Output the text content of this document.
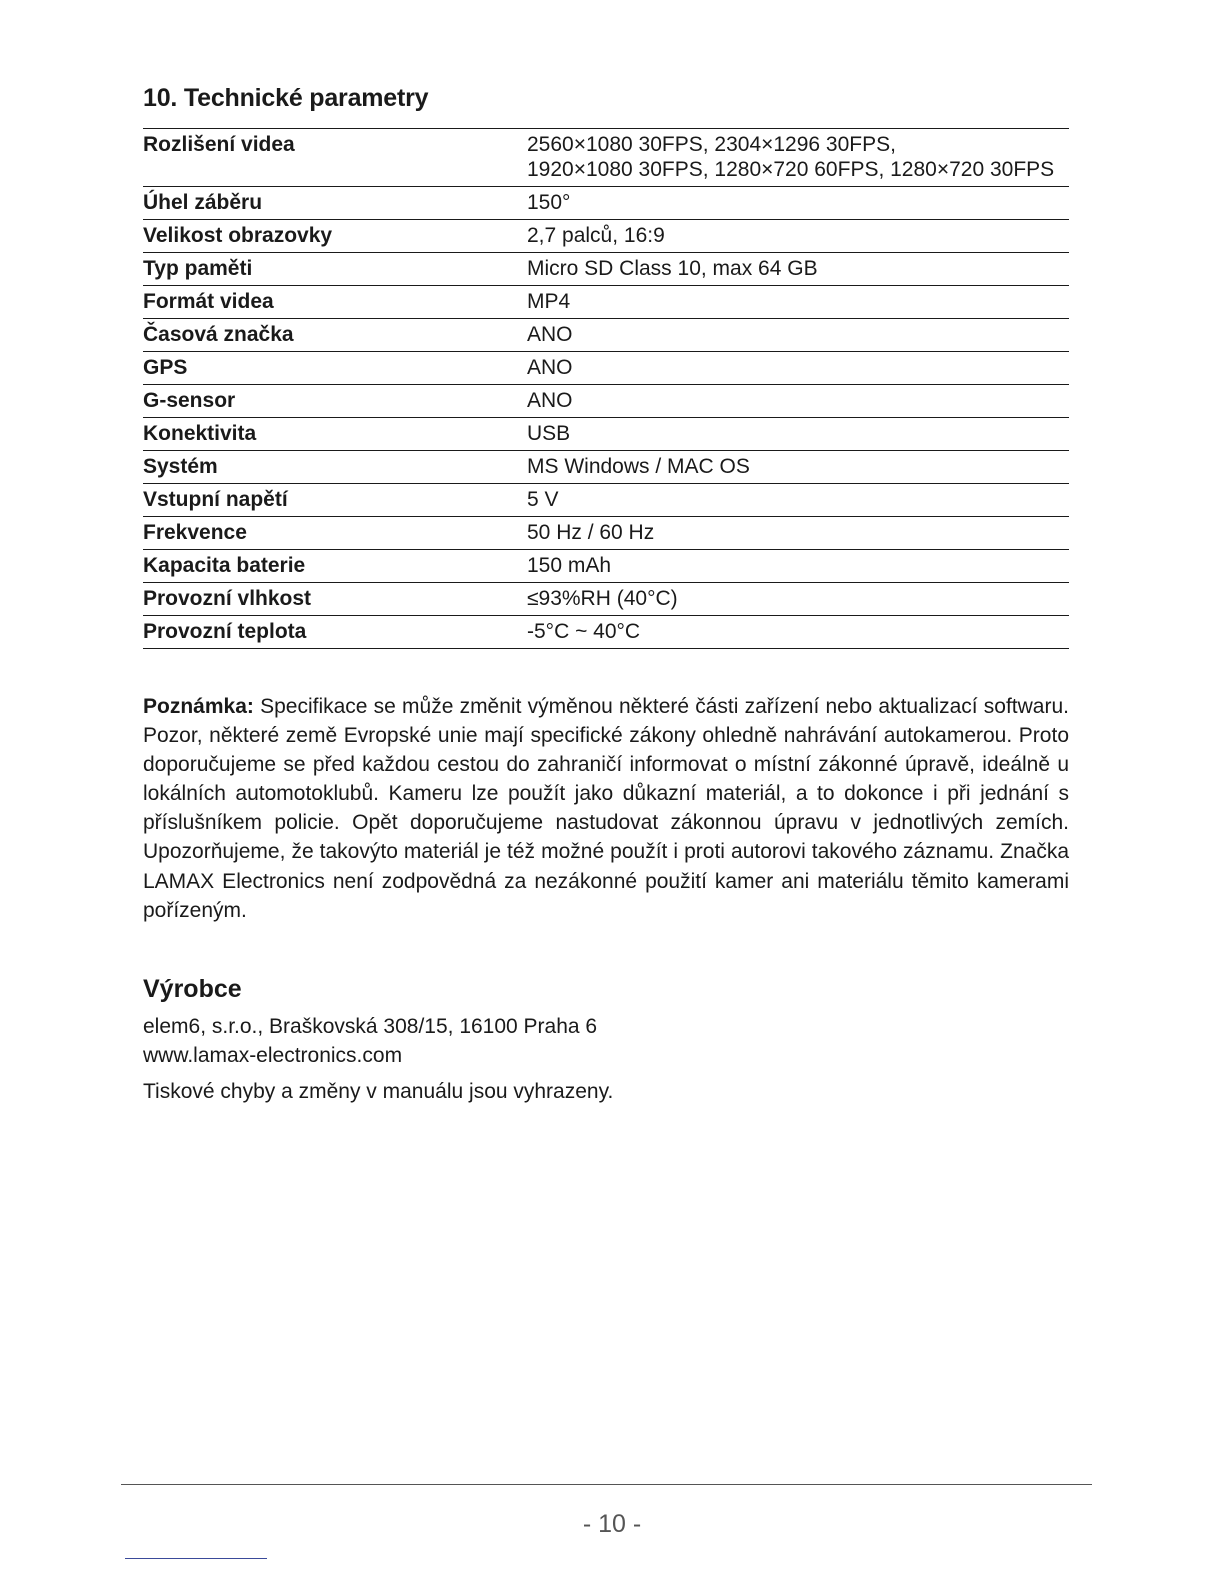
10. Technické parametry
Rozlišení videa	2560×1080 30FPS, 2304×1296 30FPS,
1920×1080 30FPS, 1280×720 60FPS, 1280×720 30FPS

Úhel záběru	150°

Velikost obrazovky	2,7 palců, 16:9

Typ paměti	Micro SD Class 10, max 64 GB

Formát videa	MP4

Časová značka	ANO

GPS	ANO

G-sensor	ANO

Konektivita	USB

Systém	MS Windows / MAC OS

Vstupní napětí	5 V

Frekvence	50 Hz / 60 Hz

Kapacita baterie	150 mAh

Provozní vlhkost	≤93%RH (40°C)

Provozní teplota	-5°C ~ 40°C

Poznámka: Specifikace se může změnit výměnou některé části zařízení nebo aktualizací softwaru. Pozor, některé země Evropské unie mají specifické zákony ohledně nahrávání autokamerou. Proto doporučujeme se před každou cestou do zahraničí informovat o místní zákonné úpravě, ideálně u lokálních automotoklubů. Kameru lze použít jako důkazní materiál, a to dokonce i při jednání s příslušníkem policie. Opět doporučujeme nastudovat zákonnou úpravu v jednotlivých zemích. Upozorňujeme, že takovýto materiál je též možné použít i proti autorovi takového záznamu. Značka LAMAX Electronics není zodpovědná za nezákonné použití kamer ani materiálu těmito kamerami pořízeným.

Výrobce

elem6, s.r.o., Braškovská 308/15, 16100 Praha 6
www.lamax-electronics.com

Tiskové chyby a změny v manuálu jsou vyhrazeny.

- 10 -
